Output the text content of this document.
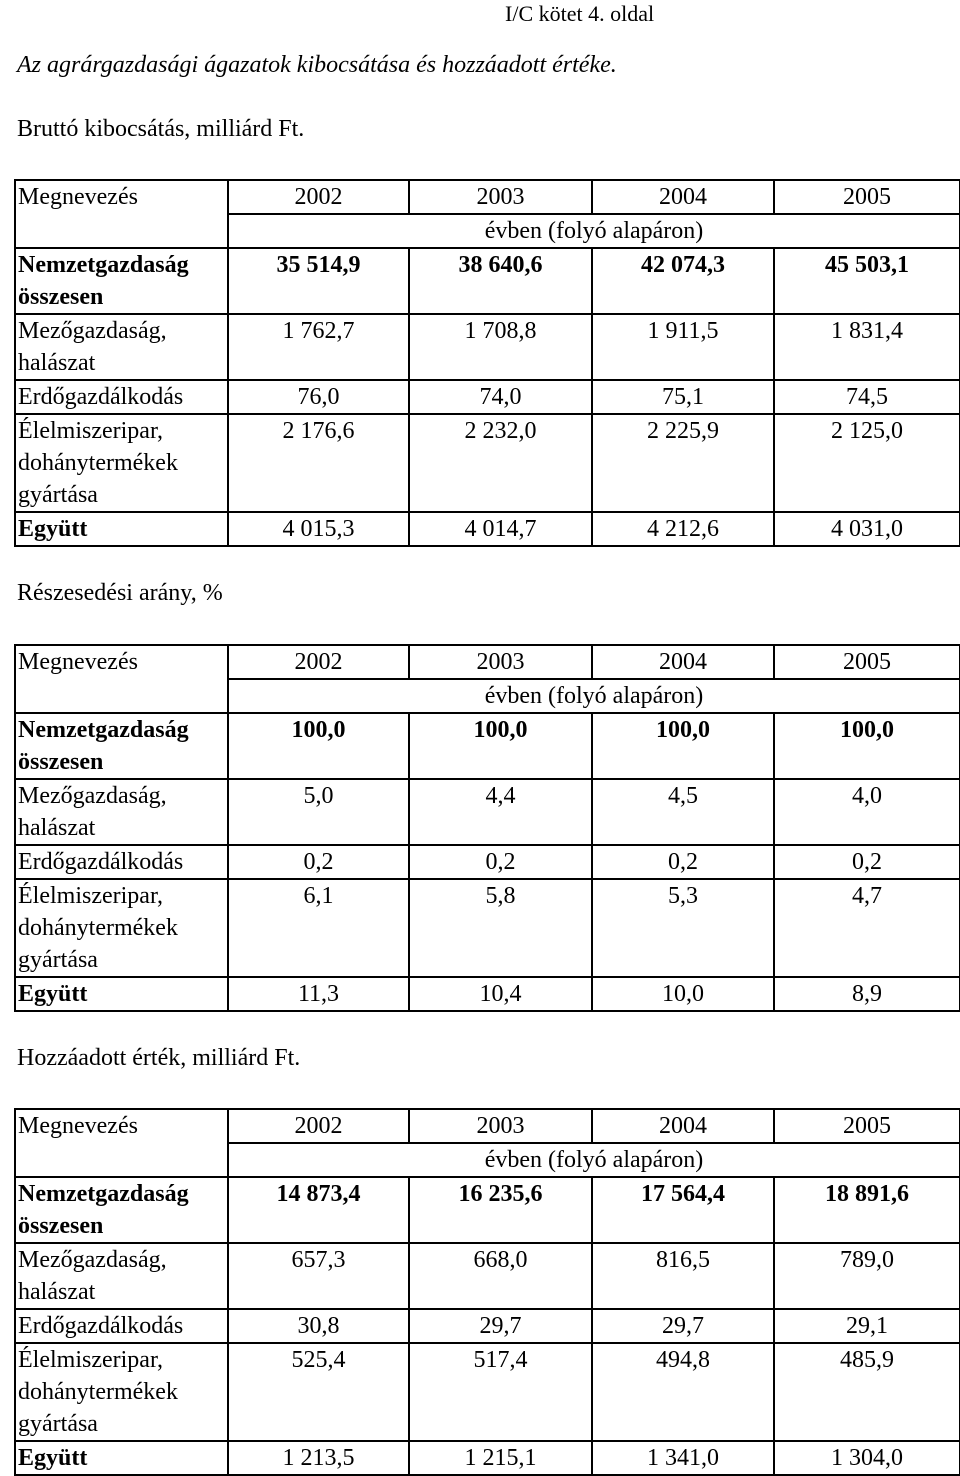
I/C kötet 4. oldal
Az agrárgazdasági ágazatok kibocsátása és hozzáadott értéke.
Bruttó kibocsátás, milliárd Ft.
Megnevezés	2002	2003	2004	2005
	évben (folyó alapáron)			

Nemzetgazdaság összesen	35 514,9	38 640,6	42 074,3	45 503,1

Mezőgazdaság, halászat	1 762,7	1 708,8	1 911,5	1 831,4
Erdőgazdálkodás	76,0	74,0	75,1	74,5

Élelmiszeripar, dohánytermékek gyártása	2 176,6	2 232,0	2 225,9	2 125,0
Együtt	4 015,3	4 014,7	4 212,6	4 031,0
Részesedési arány, %
Megnevezés	2002	2003	2004	2005
	évben (folyó alapáron)			

Nemzetgazdaság összesen	100,0	100,0	100,0	100,0

Mezőgazdaság, halászat	5,0	4,4	4,5	4,0
Erdőgazdálkodás	0,2	0,2	0,2	0,2

Élelmiszeripar, dohánytermékek gyártása	6,1	5,8	5,3	4,7
Együtt	11,3	10,4	10,0	8,9
Hozzáadott érték, milliárd Ft.
Megnevezés	2002	2003	2004	2005
	évben (folyó alapáron)			

Nemzetgazdaság összesen	14 873,4	16 235,6	17 564,4	18 891,6

Mezőgazdaság, halászat	657,3	668,0	816,5	789,0
Erdőgazdálkodás	30,8	29,7	29,7	29,1

Élelmiszeripar, dohánytermékek gyártása	525,4	517,4	494,8	485,9
Együtt	1 213,5	1 215,1	1 341,0	1 304,0
